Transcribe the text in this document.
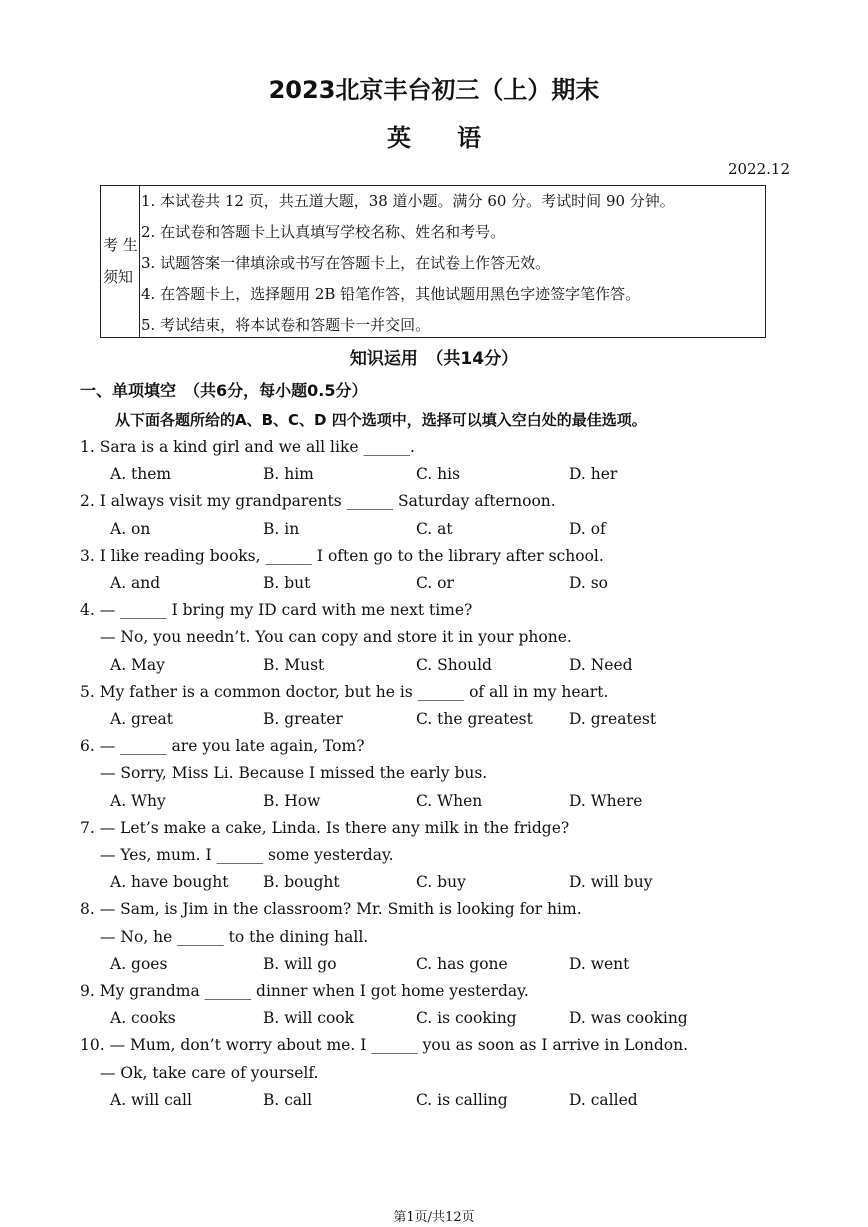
2023北京丰台初三（上）期末
英语
2022.12
考 生
须知
1. 本试卷共 12 页，共五道大题，38 道小题。满分 60 分。考试时间 90 分钟。
2. 在试卷和答题卡上认真填写学校名称、姓名和考号。
3. 试题答案一律填涂或书写在答题卡上，在试卷上作答无效。
4. 在答题卡上，选择题用 2B 铅笔作答，其他试题用黑色字迹签字笔作答。
5. 考试结束，将本试卷和答题卡一并交回。
知识运用　（共14分）
一、单项填空　（共6分，每小题0.5分）
从下面各题所给的A、B、C、D 四个选项中，选择可以填入空白处的最佳选项。
1. Sara is a kind girl and we all like ______.
A. them	B. him	C. his	D. her
2. I always visit my grandparents ______ Saturday afternoon.
A. on	B. in	C. at	D. of
3. I like reading books, ______ I often go to the library after school.
A. and	B. but	C. or	D. so
4. — ______ I bring my ID card with me next time?
— No, you needn’t. You can copy and store it in your phone.
A. May	B. Must	C. Should	D. Need
5. My father is a common doctor, but he is ______ of all in my heart.
A. great	B. greater	C. the greatest D. greatest
6. — ______ are you late again, Tom?
— Sorry, Miss Li. Because I missed the early bus.
A. Why	B. How	C. When	D. Where
7. — Let’s make a cake, Linda. Is there any milk in the fridge?
— Yes, mum. I ______ some yesterday.
A. have bought B. bought	C. buy	D. will buy
8. — Sam, is Jim in the classroom? Mr. Smith is looking for him.
— No, he ______ to the dining hall.
A. goes	B. will go	C. has gone	D. went
9. My grandma ______ dinner when I got home yesterday.
A. cooks	B. will cook	C. is cooking	D. was cooking
10. — Mum, don’t worry about me. I ______ you as soon as I arrive in London.
— Ok, take care of yourself.
A. will call	B. call	C. is calling	D. called
第1页/共12页
